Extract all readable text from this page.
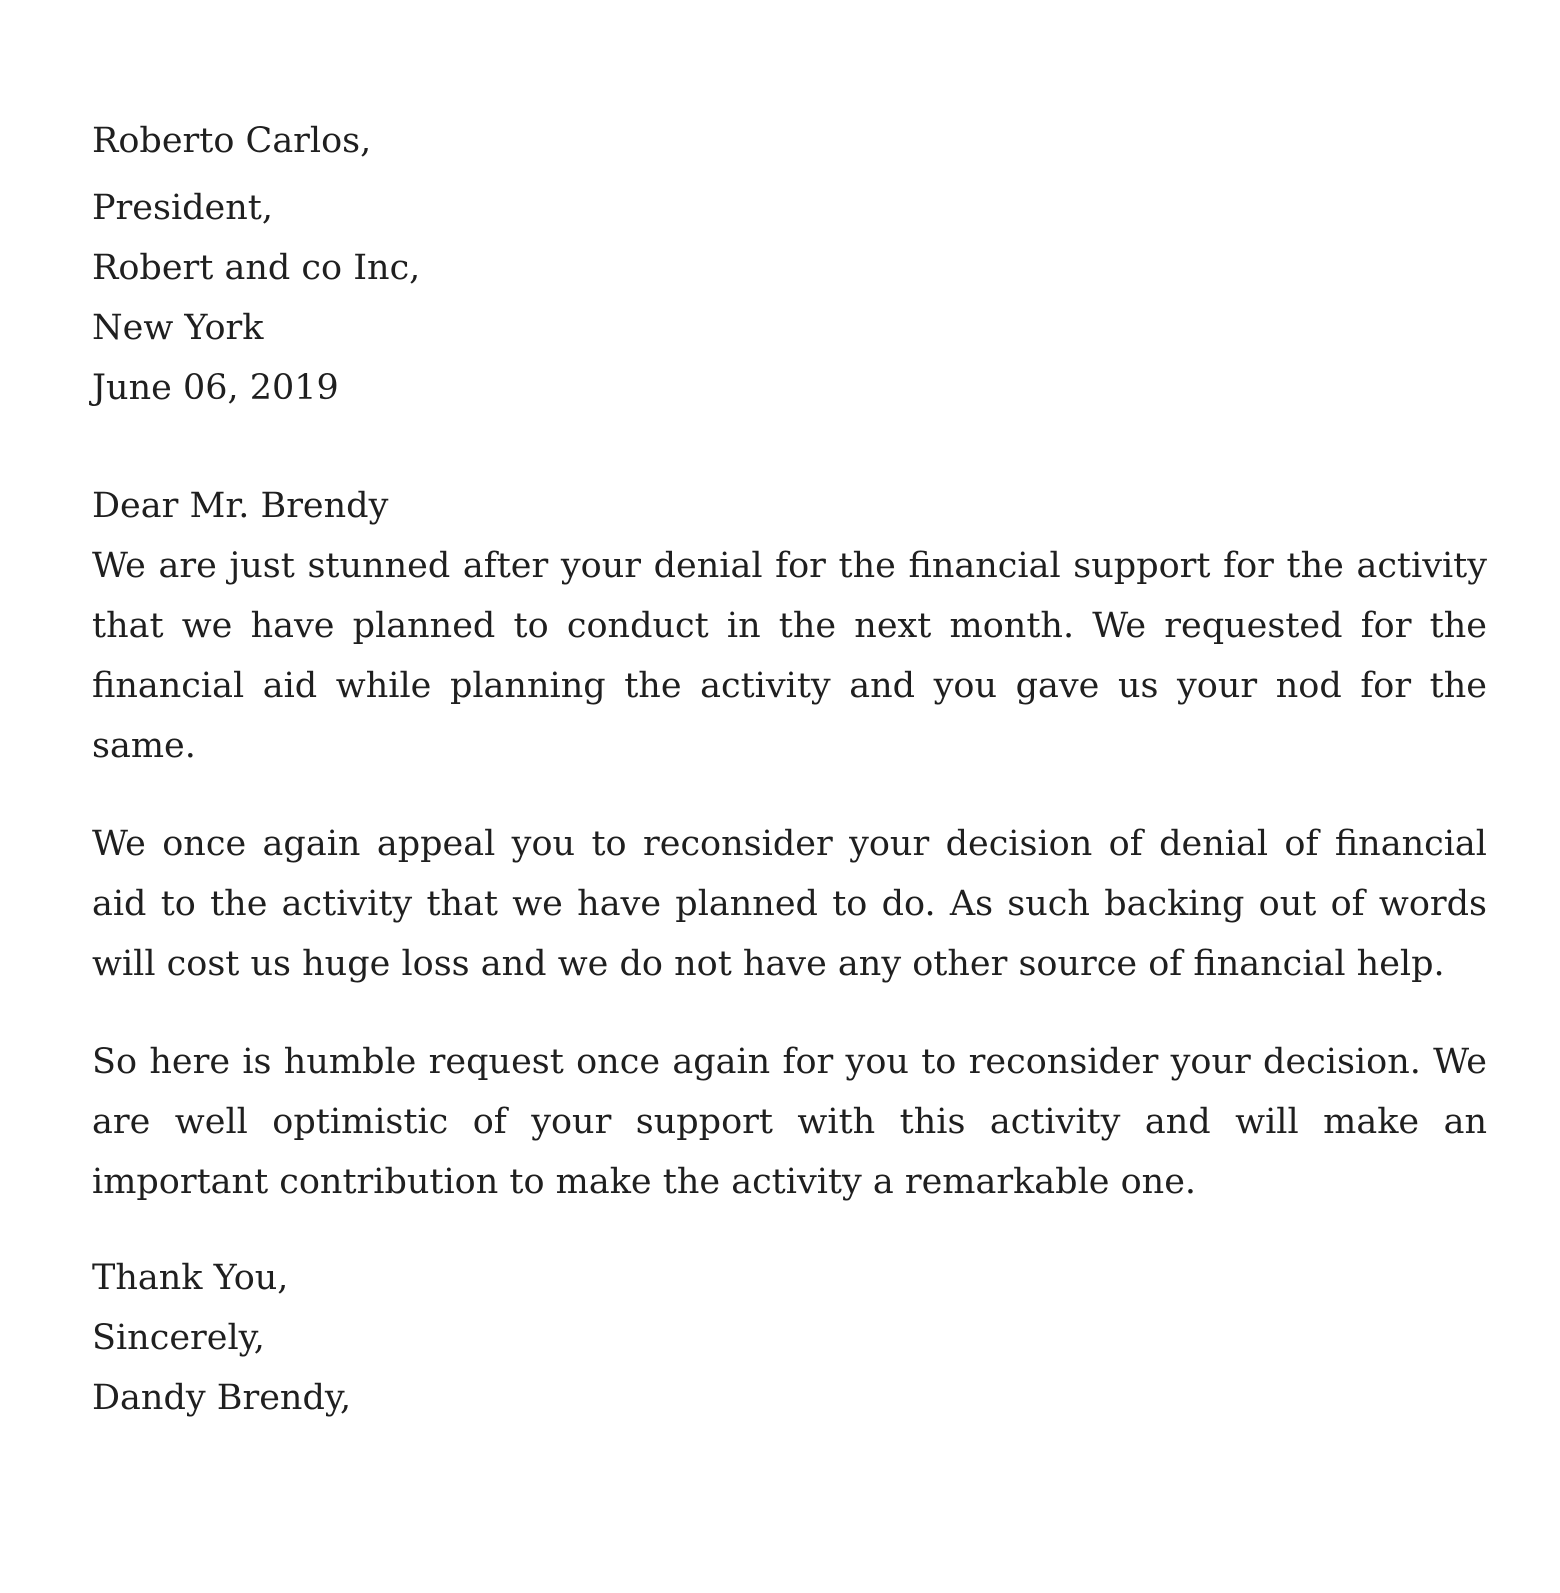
Roberto Carlos,
President,
Robert and co Inc,
New York
June 06, 2019
Dear Mr. Brendy

We are just stunned after your denial for the financial support for the activity that we have planned to conduct in the next month. We requested for the financial aid while planning the activity and you gave us your nod for the same.

We once again appeal you to reconsider your decision of denial of financial aid to the activity that we have planned to do. As such backing out of words will cost us huge loss and we do not have any other source of financial help.

So here is humble request once again for you to reconsider your decision. We are well optimistic of your support with this activity and will make an important contribution to make the activity a remarkable one.

Thank You,
Sincerely,
Dandy Brendy,
